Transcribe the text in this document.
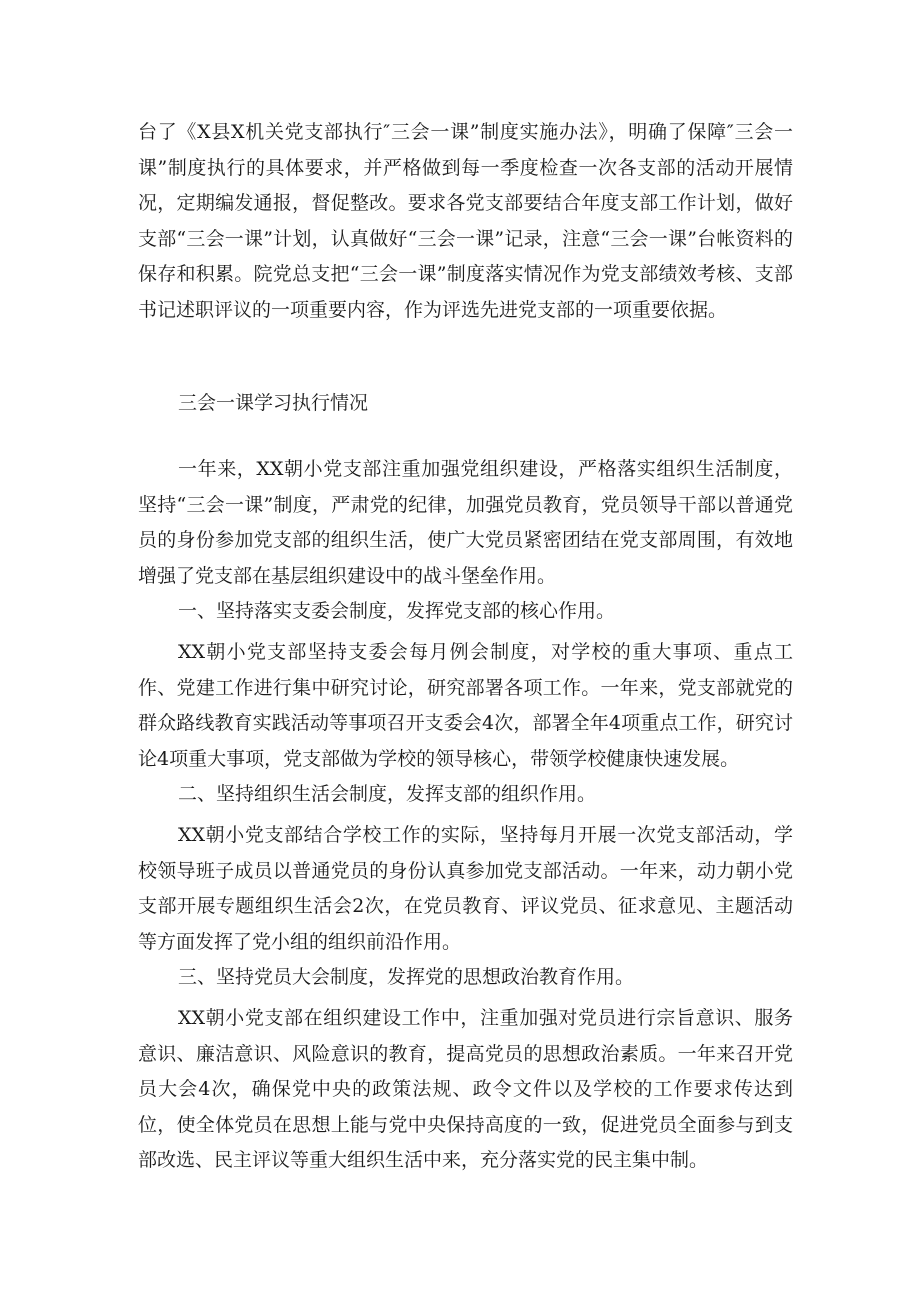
台了《X县X机关党支部执行″三会一课”制度实施办法》，明确了保障″三会一课”制度执行的具体要求，并严格做到每一季度检查一次各支部的活动开展情况，定期编发通报，督促整改。要求各党支部要结合年度支部工作计划，做好支部“三会一课”计划，认真做好“三会一课”记录，注意“三会一课”台帐资料的保存和积累。院党总支把“三会一课”制度落实情况作为党支部绩效考核、支部书记述职评议的一项重要内容，作为评选先进党支部的一项重要依据。

三会一课学习执行情况

一年来，XX朝小党支部注重加强党组织建设，严格落实组织生活制度，坚持“三会一课”制度，严肃党的纪律，加强党员教育，党员领导干部以普通党员的身份参加党支部的组织生活，使广大党员紧密团结在党支部周围，有效地增强了党支部在基层组织建设中的战斗堡垒作用。

一、坚持落实支委会制度，发挥党支部的核心作用。

XX朝小党支部坚持支委会每月例会制度，对学校的重大事项、重点工作、党建工作进行集中研究讨论，研究部署各项工作。一年来，党支部就党的群众路线教育实践活动等事项召开支委会4次，部署全年4项重点工作，研究讨论4项重大事项，党支部做为学校的领导核心，带领学校健康快速发展。

二、坚持组织生活会制度，发挥支部的组织作用。

XX朝小党支部结合学校工作的实际，坚持每月开展一次党支部活动，学校领导班子成员以普通党员的身份认真参加党支部活动。一年来，动力朝小党支部开展专题组织生活会2次，在党员教育、评议党员、征求意见、主题活动等方面发挥了党小组的组织前沿作用。

三、坚持党员大会制度，发挥党的思想政治教育作用。

XX朝小党支部在组织建设工作中，注重加强对党员进行宗旨意识、服务意识、廉洁意识、风险意识的教育，提高党员的思想政治素质。一年来召开党员大会4次，确保党中央的政策法规、政令文件以及学校的工作要求传达到位，使全体党员在思想上能与党中央保持高度的一致，促进党员全面参与到支部改选、民主评议等重大组织生活中来，充分落实党的民主集中制。
